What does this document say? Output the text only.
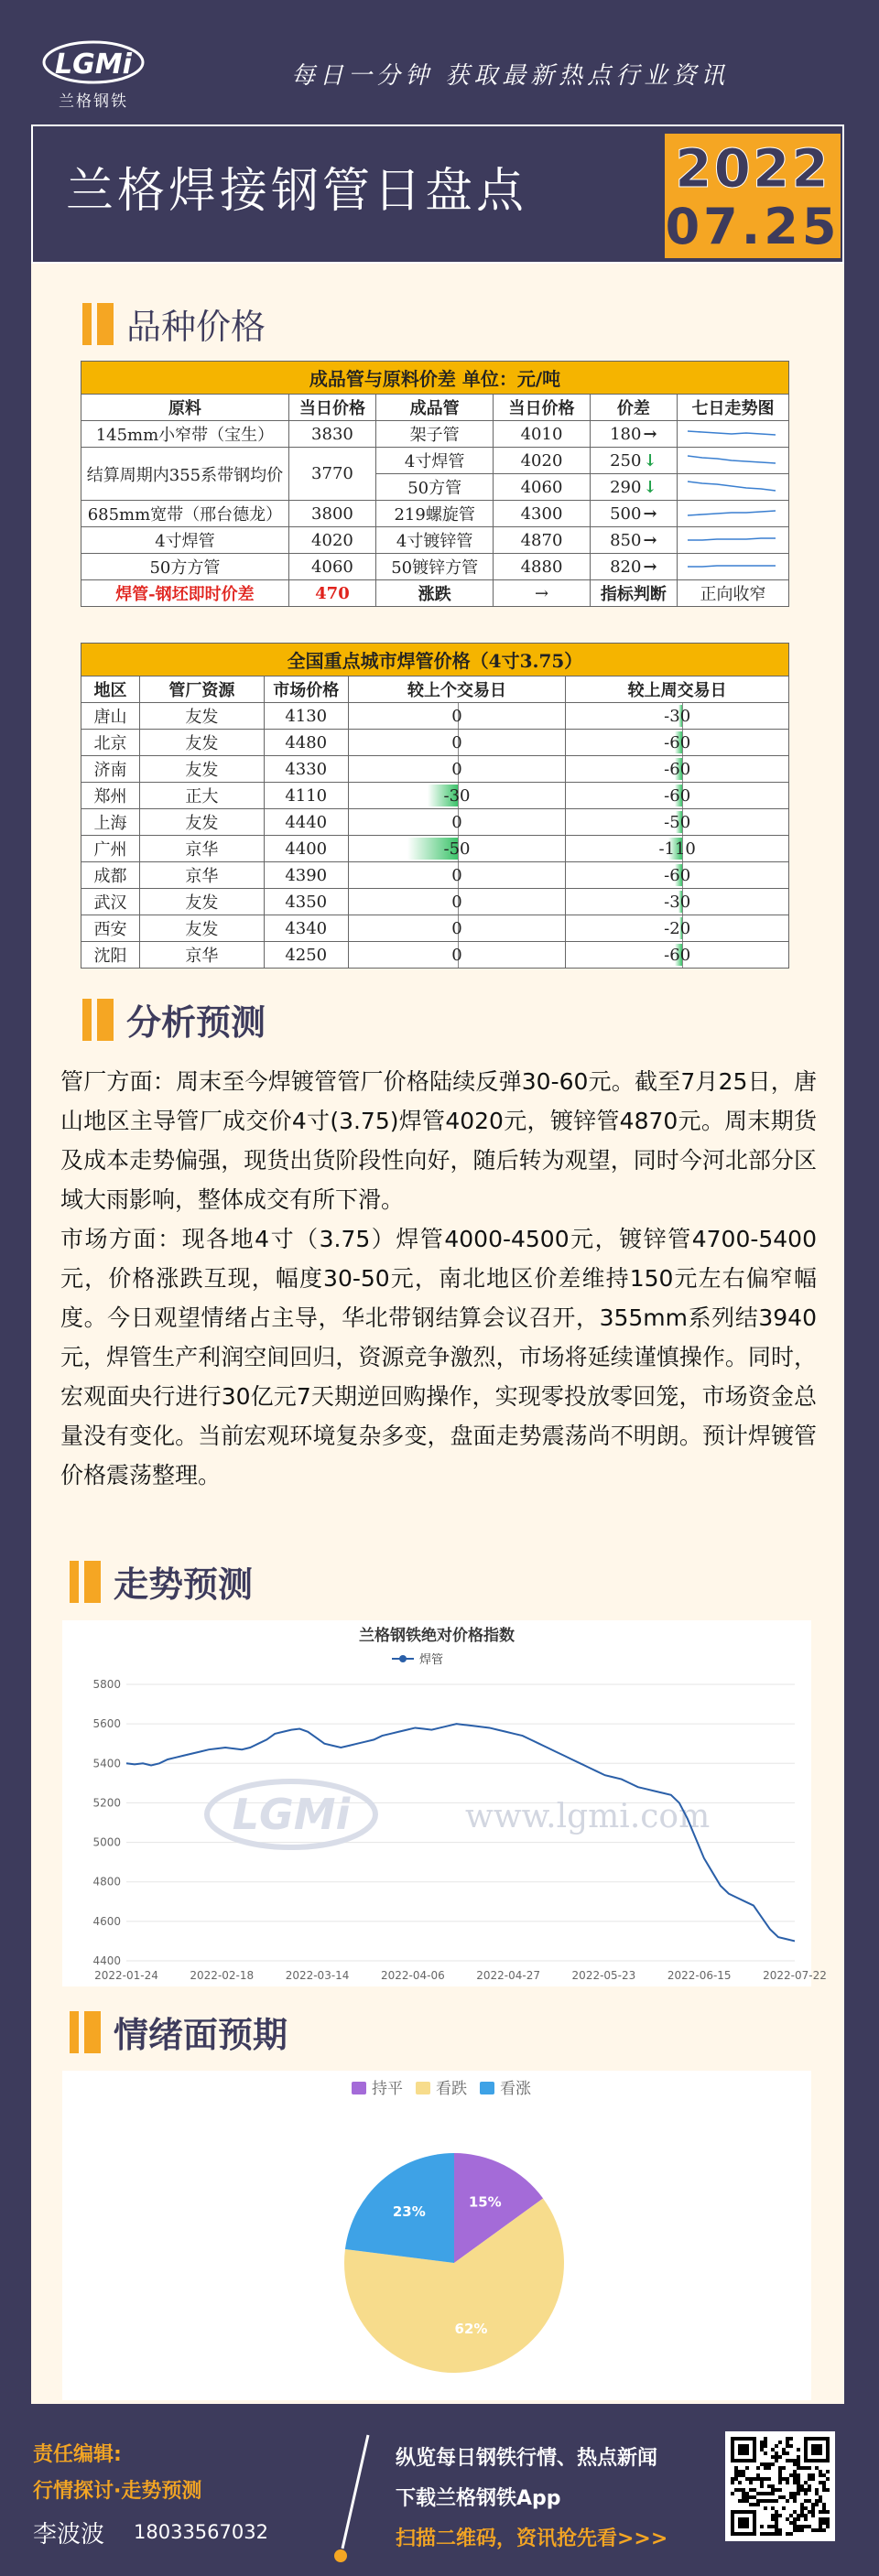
LGMi
兰格钢铁
每日一分钟 获取最新热点行业资讯
兰格焊接钢管日盘点	2022
07.25
品种价格
成品管与原料价差 单位：元/吨					
原料	当日价格	成品管	当日价格	价差	七日走势图
145mm小窄带（宝生）	3830	架子管	4010	180 →	

结算周期内355系带钢均价	3770	4寸焊管	4020	250 ↓	

		50方管	4060	290 ↓	

685mm宽带（邢台德龙）	3800	219螺旋管	4300	500 →	

4寸焊管	4020	4寸镀锌管	4870	850 →	

50方方管	4060	50镀锌方管	4880	820 →	

焊管-钢坯即时价差	470	涨跌	→	指标判断	正向收窄
全国重点城市焊管价格（4寸3.75）				
地区	管厂资源	市场价格	较上个交易日	较上周交易日
唐山	友发	4130	0	-30
北京	友发	4480	0	-60
济南	友发	4330	0	-60
郑州	正大	4110	-30	-60
上海	友发	4440	0	-50
广州	京华	4400	-50	-110
成都	京华	4390	0	-60
武汉	友发	4350	0	-30
西安	友发	4340	0	-20
沈阳	京华	4250	0	-60
分析预测

管厂方面：周末至今焊镀管管厂价格陆续反弹30-60元。截至7月25日，唐山地区主导管厂成交价4寸(3.75)焊管4020元，镀锌管4870元。周末期货及成本走势偏强，现货出货阶段性向好，随后转为观望，同时今河北部分区域大雨影响，整体成交有所下滑。

市场方面：现各地4寸（3.75）焊管4000-4500元，镀锌管4700-5400元，价格涨跌互现，幅度30-50元，南北地区价差维持150元左右偏窄幅度。今日观望情绪占主导，华北带钢结算会议召开，355mm系列结3940元，焊管生产利润空间回归，资源竞争激烈，市场将延续谨慎操作。同时，宏观面央行进行30亿元7天期逆回购操作，实现零投放零回笼，市场资金总量没有变化。当前宏观环境复杂多变，盘面走势震荡尚不明朗。预计焊镀管价格震荡整理。

走势预测
兰格钢铁绝对价格指数
焊管
4400
4600
4800
5000
5200
5400
5600
5800
2022-01-24	2022-02-18	2022-03-14	2022-04-06	2022-04-27	2022-05-23	2022-06-15	2022-07-22
LGMi	www.lgmi.com
情绪面预期
持平 看跌 看涨
15%
62%
23%
责任编辑:
行情探讨·走势预测
李波波 18033567032
纵览每日钢铁行情、热点新闻
下载兰格钢铁App
扫描二维码，资讯抢先看>>>
